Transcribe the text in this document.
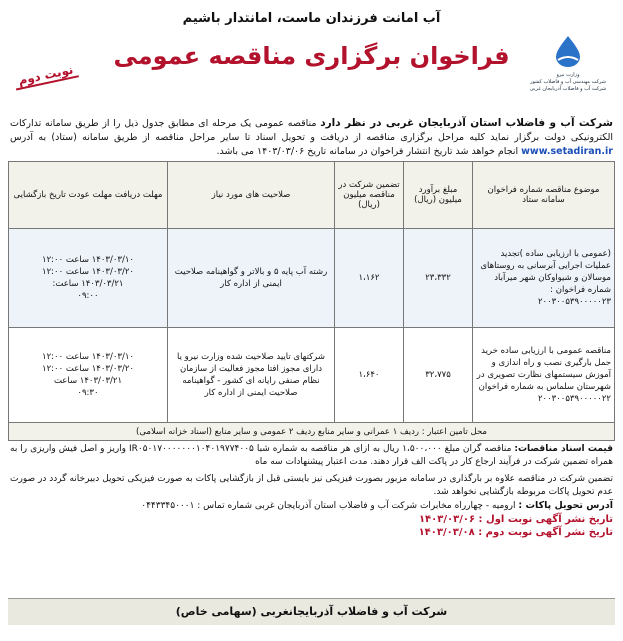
آب امانت فرزندان ماست، امانتدار باشیم
وزارت نیرو
شرکت مهندسی آب و فاضلاب کشور
شرکت آب و فاضلاب آذربایجان غربی
فراخوان برگزاری مناقصه عمومی
نوبت دوم
شرکت آب و فاضلاب استان آذربایجان غربی در نظر دارد مناقصه عمومی یک مرحله ای مطابق جدول ذیل را از طریق سامانه تدارکات الکترونیکی دولت برگزار نماید کلیه مراحل برگزاری مناقصه از دریافت و تحویل اسناد تا سایر مراحل مناقصه از طریق سامانه (ستاد) به آدرس www.setadiran.ir انجام خواهد شد تاریخ انتشار فراخوان در سامانه تاریخ ۱۴۰۳/۰۳/۰۶ می باشد.
موضوع مناقصه شماره فراخوان سامانه ستاد	مبلغ برآورد میلیون (ریال)	تضمین شرکت در مناقصه میلیون (ریال)	صلاحیت های مورد نیاز	مهلت دریافت مهلت عودت تاریخ بازگشایی
(عمومی با ارزیابی ساده )تجدید عملیات اجرایی آبرسانی به روستاهای موسالان و شیواوکان شهر میرآباد شماره فراخوان : ۲۰۰۳۰۰۵۳۹۰۰۰۰۰۲۳	۲۳،۳۳۲	۱،۱۶۲	رشته آب پایه ۵ و بالاتر و گواهینامه صلاحیت ایمنی از اداره کار	۱۴۰۳/۰۳/۱۰ ساعت ۱۲:۰۰
۱۴۰۳/۰۳/۲۰ ساعت ۱۲:۰۰
۱۴۰۳/۰۳/۲۱ ساعت:
۰۹:۰۰

مناقصه عمومی با ارزیابی ساده خرید حمل بارگیری نصب و راه اندازی و آموزش سیستمهای نظارت تصویری در شهرستان سلماس به شماره فراخوان ۲۰۰۳۰۰۵۳۹۰۰۰۰۰۲۲	۳۲،۷۷۵	۱،۶۴۰	شرکتهای تایید صلاحیت شده وزارت نیرو یا دارای مجوز افتا مجوز فعالیت از سازمان نظام صنفی رایانه ای کشور - گواهینامه صلاحیت ایمنی از اداره کار	۱۴۰۳/۰۳/۱۰ ساعت ۱۲:۰۰
۱۴۰۳/۰۳/۲۰ ساعت ۱۲:۰۰
۱۴۰۳/۰۳/۲۱ ساعت
۰۹:۳۰

محل تامین اعتبار : ردیف ۱ عمرانی و سایر منابع ردیف ۲ عمومی و سایر منابع (اسناد خزانه اسلامی)				
قیمت اسناد مناقصات: مناقصه گران مبلغ ۱،۵۰۰،۰۰۰ ریال به ازای هر مناقصه به شماره شبا IR۰۵۰۱۷۰۰۰۰۰۰۰۱۰۴۰۱۹۷۷۴۰۰۵ واریز و اصل فیش واریزی را به همراه تضمین شرکت در فرآیند ارجاع کار در پاکت الف قرار دهند. مدت اعتبار پیشنهادات سه ماه
تضمین شرکت در مناقصه علاوه بر بارگذاری در سامانه مزبور بصورت فیزیکی نیز بایستی قبل از بازگشایی پاکات به صورت فیزیکی تحویل دبیرخانه گردد در صورت عدم تحویل پاکات مربوطه بازگشایی نخواهد شد.
آدرس تحویل پاکات : ارومیه - چهارراه مخابرات شرکت آب و فاضلاب استان آذربایجان غربی شماره تماس : ۰۴۴۳۳۴۵۰۰۰۱
تاریخ نشر آگهی نوبت اول : ۱۴۰۳/۰۳/۰۶
تاریخ نشر آگهی نوبت دوم : ۱۴۰۳/۰۳/۰۸
شرکت آب و فاضلاب آذربایجانغربی (سهامی خاص)
